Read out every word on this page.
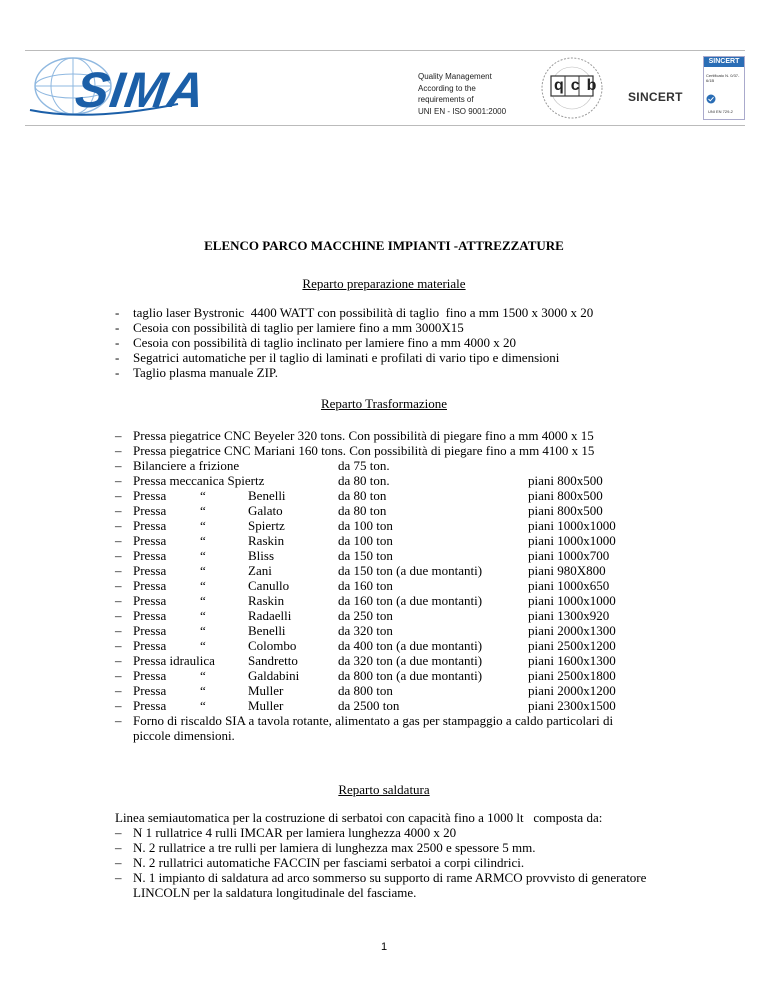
SIMA	Quality Management
According to the
requirements of
UNI EN - ISO 9001:2000
qcb
SINCERT
SINCERT
Certificato N. 0/37-6/1B
UNI EN 729-2
ELENCO PARCO MACCHINE IMPIANTI -ATTREZZATURE
Reparto preparazione materiale
- taglio laser Bystronic  4400 WATT con possibilità di taglio  fino a mm 1500 x 3000 x 20
- Cesoia con possibilità di taglio per lamiere fino a mm 3000X15
- Cesoia con possibilità di taglio inclinato per lamiere fino a mm 4000 x 20
- Segatrici automatiche per il taglio di laminati e profilati di vario tipo e dimensioni
- Taglio plasma manuale ZIP.
Reparto Trasformazione
– Pressa piegatrice CNC Beyeler 320 tons. Con possibilità di piegare fino a mm 4000 x 15
– Pressa piegatrice CNC Mariani 160 tons. Con possibilità di piegare fino a mm 4100 x 15
– Bilanciere a frizione	da 75 ton.
– Pressa meccanica Spiertz	da 80 ton.	piani 800x500
– Pressa	“	Benelli	da 80 ton	piani 800x500
– Pressa	“	Galato	da 80 ton	piani 800x500
– Pressa	“	Spiertz	da 100 ton	piani 1000x1000
– Pressa	“	Raskin	da 100 ton	piani 1000x1000
– Pressa	“	Bliss	da 150 ton	piani 1000x700
– Pressa	“	Zani	da 150 ton (a due montanti)	piani 980X800
– Pressa	“	Canullo	da 160 ton	piani 1000x650
– Pressa	“	Raskin	da 160 ton (a due montanti)	piani 1000x1000
– Pressa	“	Radaelli	da 250 ton	piani 1300x920
– Pressa	“	Benelli	da 320 ton	piani 2000x1300
– Pressa	“	Colombo	da 400 ton (a due montanti)	piani 2500x1200
– Pressa idraulica	Sandretto	da 320 ton (a due montanti)	piani 1600x1300
– Pressa	“	Galdabini	da 800 ton (a due montanti)	piani 2500x1800
– Pressa	“	Muller	da 800 ton	piani 2000x1200
– Pressa	“	Muller	da 2500 ton	piani 2300x1500
– Forno di riscaldo SIA a tavola rotante, alimentato a gas per stampaggio a caldo particolari di
piccole dimensioni.
Reparto saldatura
Linea semiautomatica per la costruzione di serbatoi con capacità fino a 1000 lt   composta da:
– N 1 rullatrice 4 rulli IMCAR per lamiera lunghezza 4000 x 20
– N. 2 rullatrice a tre rulli per lamiera di lunghezza max 2500 e spessore 5 mm.
– N. 2 rullatrici automatiche FACCIN per fasciami serbatoi a corpi cilindrici.
– N. 1 impianto di saldatura ad arco sommerso su supporto di rame ARMCO provvisto di generatore
LINCOLN per la saldatura longitudinale del fasciame.
1
